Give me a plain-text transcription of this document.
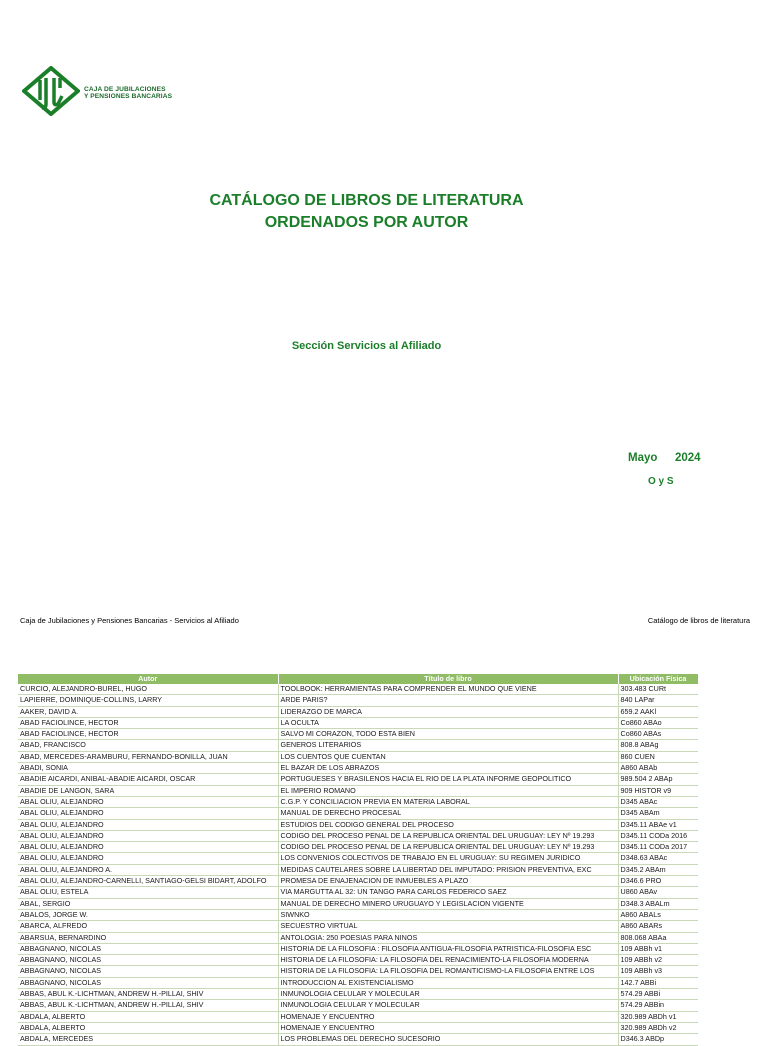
CAJA DE JUBILACIONES
Y PENSIONES BANCARIAS
CATÁLOGO DE LIBROS DE LITERATURA
ORDENADOS POR AUTOR
Sección Servicios al Afiliado
Mayo 2024
O y S
Caja de Jubilaciones y Pensiones Bancarias - Servicios al Afiliado	Catálogo de libros de literatura
Autor	Título de libro	Ubicación Física
CURCIO, ALEJANDRO-BUREL, HUGO	TOOLBOOK: HERRAMIENTAS PARA COMPRENDER EL MUNDO QUE VIENE	303.483 CURt
LAPIERRE, DOMINIQUE-COLLINS, LARRY	ARDE PARIS?	840 LAPar
AAKER, DAVID A.	LIDERAZGO DE MARCA	659.2 AAKl
ABAD FACIOLINCE, HECTOR	LA OCULTA	Co860 ABAo
ABAD FACIOLINCE, HECTOR	SALVO MI CORAZON, TODO ESTA BIEN	Co860 ABAs
ABAD, FRANCISCO	GENEROS LITERARIOS	808.8 ABAg
ABAD, MERCEDES-ARAMBURU, FERNANDO-BONILLA, JUAN	LOS CUENTOS QUE CUENTAN	860 CUEN
ABADI, SONIA	EL BAZAR DE LOS ABRAZOS	A860 ABAb
ABADIE AICARDI, ANIBAL-ABADIE AICARDI, OSCAR	PORTUGUESES Y BRASILENOS HACIA EL RIO DE LA PLATA INFORME GEOPOLITICO	989.504 2 ABAp
ABADIE DE LANGON, SARA	EL IMPERIO ROMANO	909 HISTOR v9
ABAL OLIU, ALEJANDRO	C.G.P. Y CONCILIACION PREVIA EN MATERIA LABORAL	D345 ABAc
ABAL OLIU, ALEJANDRO	MANUAL DE DERECHO PROCESAL	D345 ABAm
ABAL OLIU, ALEJANDRO	ESTUDIOS DEL CODIGO GENERAL DEL PROCESO	D345.11 ABAe v1
ABAL OLIU, ALEJANDRO	CODIGO DEL PROCESO PENAL DE LA REPUBLICA ORIENTAL DEL URUGUAY: LEY Nº 19.293	D345.11 CODa 2016
ABAL OLIU, ALEJANDRO	CODIGO DEL PROCESO PENAL DE LA REPUBLICA ORIENTAL DEL URUGUAY: LEY Nº 19.293	D345.11 CODa 2017
ABAL OLIU, ALEJANDRO	LOS CONVENIOS COLECTIVOS DE TRABAJO EN EL URUGUAY: SU REGIMEN JURIDICO	D348.63 ABAc
ABAL OLIU, ALEJANDRO A.	MEDIDAS CAUTELARES SOBRE LA LIBERTAD DEL IMPUTADO: PRISION PREVENTIVA, EXC	D345.2 ABAm
ABAL OLIU, ALEJANDRO-CARNELLI, SANTIAGO-GELSI BIDART, ADOLFO	PROMESA DE ENAJENACION DE INMUEBLES A PLAZO	D346.6 PRO
ABAL OLIU, ESTELA	VIA MARGUTTA AL 32: UN TANGO PARA CARLOS FEDERICO SAEZ	U860 ABAv
ABAL, SERGIO	MANUAL DE DERECHO MINERO URUGUAYO Y LEGISLACION VIGENTE	D348.3 ABALm
ABALOS, JORGE W.	SIWNKO	A860 ABALs
ABARCA, ALFREDO	SECUESTRO VIRTUAL	A860 ABARs
ABARSUA, BERNARDINO	ANTOLOGIA: 250 POESIAS PARA NINOS	808.068 ABAa
ABBAGNANO, NICOLAS	HISTORIA DE LA FILOSOFIA : FILOSOFIA ANTIGUA-FILOSOFIA PATRISTICA-FILOSOFIA ESC	109 ABBh v1
ABBAGNANO, NICOLAS	HISTORIA DE LA FILOSOFIA: LA FILOSOFIA DEL RENACIMIENTO-LA FILOSOFIA MODERNA	109 ABBh v2
ABBAGNANO, NICOLAS	HISTORIA DE LA FILOSOFIA: LA FILOSOFIA DEL ROMANTICISMO-LA FILOSOFIA ENTRE LOS	109 ABBh v3
ABBAGNANO, NICOLAS	INTRODUCCION AL EXISTENCIALISMO	142.7 ABBi
ABBAS, ABUL K.-LICHTMAN, ANDREW H.-PILLAI, SHIV	INMUNOLOGIA CELULAR Y MOLECULAR	574.29 ABBi
ABBAS, ABUL K.-LICHTMAN, ANDREW H.-PILLAI, SHIV	INMUNOLOGIA CELULAR Y MOLECULAR	574.29 ABBin
ABDALA, ALBERTO	HOMENAJE Y ENCUENTRO	320.989 ABDh v1
ABDALA, ALBERTO	HOMENAJE Y ENCUENTRO	320.989 ABDh v2
ABDALA, MERCEDES	LOS PROBLEMAS DEL DERECHO SUCESORIO	D346.3 ABDp
